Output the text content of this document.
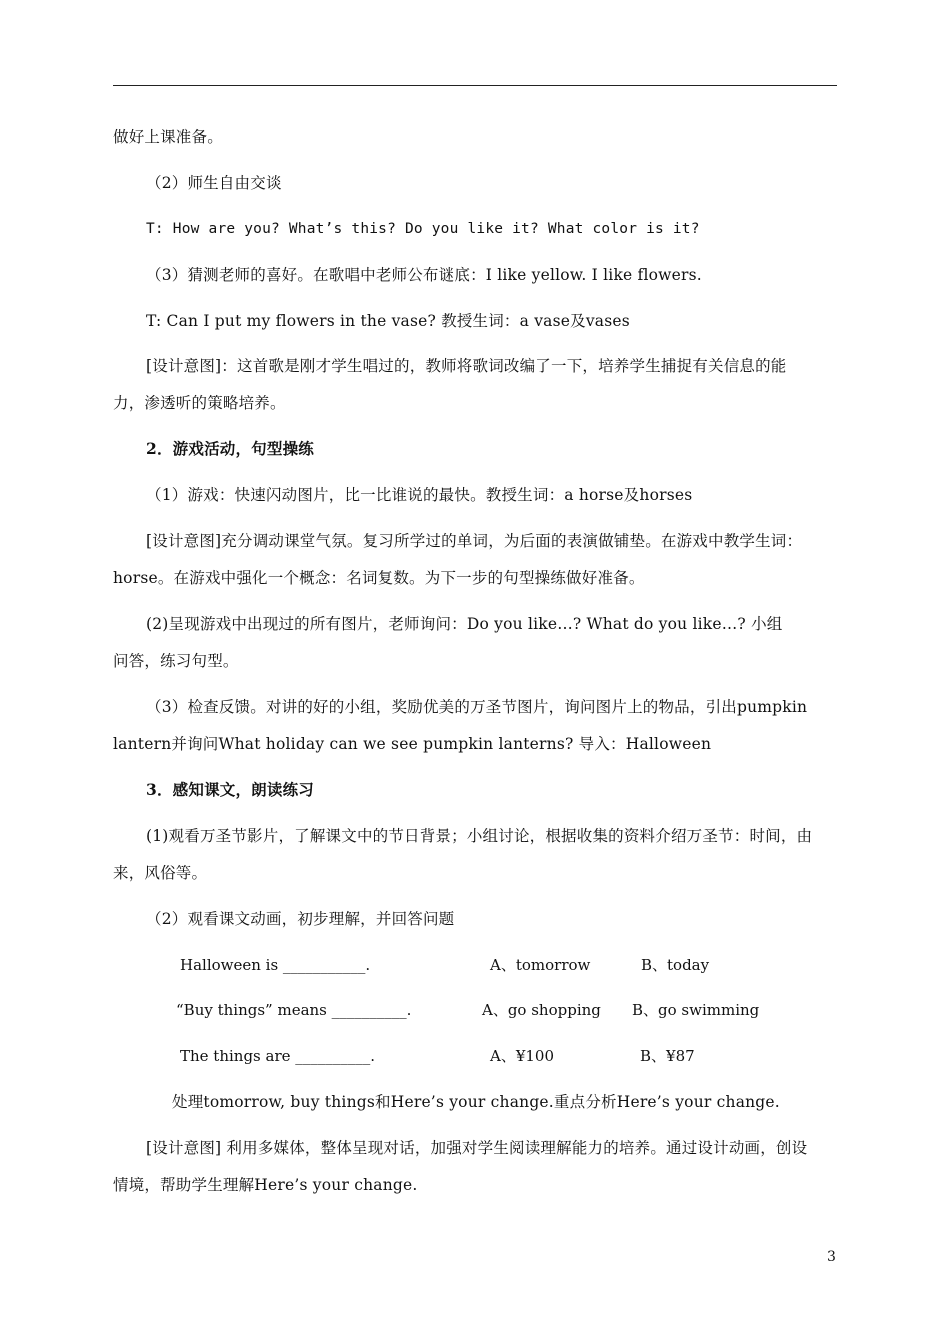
做好上课准备。
（2）师生自由交谈
T: How are you? What’s this? Do you like it? What color is it?
（3）猜测老师的喜好。在歌唱中老师公布谜底：I like yellow. I like flowers.
T: Can I put my flowers in the vase? 教授生词：a vase及vases
[设计意图]：这首歌是刚才学生唱过的，教师将歌词改编了一下，培养学生捕捉有关信息的能
力，渗透听的策略培养。
2．游戏活动，句型操练
（1）游戏：快速闪动图片，比一比谁说的最快。教授生词：a horse及horses
[设计意图]充分调动课堂气氛。复习所学过的单词，为后面的表演做铺垫。在游戏中教学生词：
horse。在游戏中强化一个概念：名词复数。为下一步的句型操练做好准备。
(2)呈现游戏中出现过的所有图片，老师询问：Do you like…? What do you like…? 小组
问答，练习句型。
（3）检查反馈。对讲的好的小组，奖励优美的万圣节图片，询问图片上的物品，引出pumpkin
lantern并询问What holiday can we see pumpkin lanterns? 导入：Halloween
3．感知课文，朗读练习
(1)观看万圣节影片，了解课文中的节日背景；小组讨论，根据收集的资料介绍万圣节：时间，由
来，风俗等。
（2）观看课文动画，初步理解，并回答问题
Halloween is ___________.	A、tomorrow	B、today
“Buy things” means __________.	A、go shopping B、go swimming
The things are __________.	A、¥100	B、¥87
处理tomorrow, buy things和Here’s your change.重点分析Here’s your change.
[设计意图] 利用多媒体，整体呈现对话，加强对学生阅读理解能力的培养。通过设计动画，创设
情境，帮助学生理解Here’s your change.
3
